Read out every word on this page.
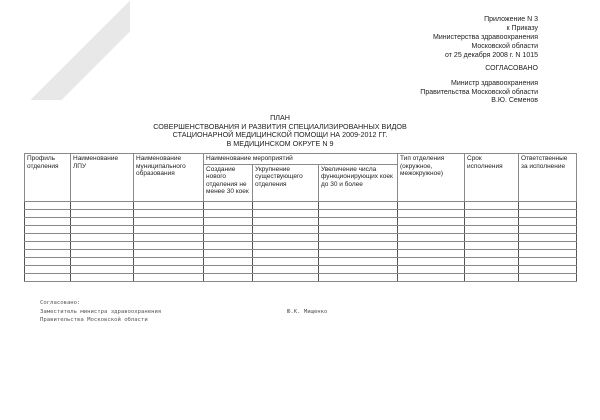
NoNumber.ru	Приложение N 3
к Приказу
Министерства здравоохранения
Московской области
от 25 декабря 2008 г. N 1015
СОГЛАСОВАНО
Министр здравоохранения
Правительства Московской области
В.Ю. Семенов
ПЛАН
СОВЕРШЕНСТВОВАНИЯ И РАЗВИТИЯ СПЕЦИАЛИЗИРОВАННЫХ ВИДОВ
СТАЦИОНАРНОЙ МЕДИЦИНСКОЙ ПОМОЩИ НА 2009-2012 ГГ.
В МЕДИЦИНСКОМ ОКРУГЕ N 9
Профиль отделения	Наименование ЛПУ	Наименование муниципального образования	Наименование мероприятий			Тип отделения (окружное, межокружное)	Срок исполнения	Ответственные за исполнение
			Создание нового отделения не менее 30 коек	Укрупнение существующего отделения	Увеличение числа функционирующих коек до 30 и более			

Согласовано:
Заместитель министра здравоохранения
Правительства Московской области
Ю.К. Мищенко
